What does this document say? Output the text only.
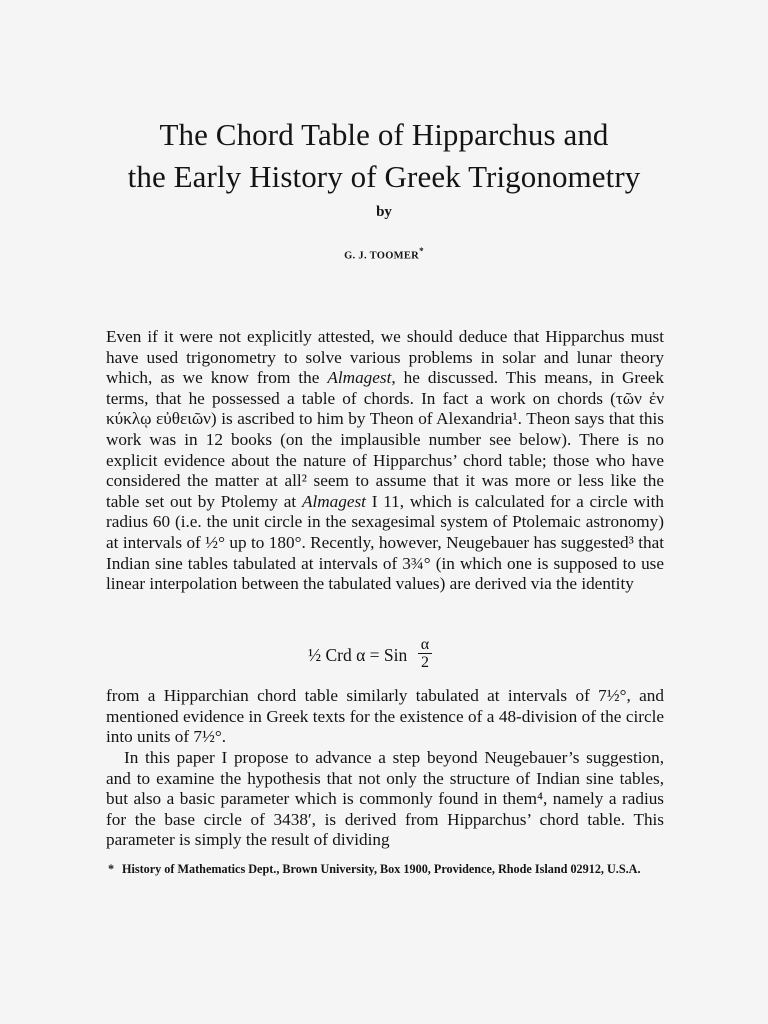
The Chord Table of Hipparchus and
the Early History of Greek Trigonometry
by
G. J. TOOMER*

Even if it were not explicitly attested, we should deduce that Hipparchus must have used trigonometry to solve various problems in solar and lunar theory which, as we know from the Almagest, he discussed. This means, in Greek terms, that he possessed a table of chords. In fact a work on chords (τῶν ἐν κύκλῳ εὐθειῶν) is ascribed to him by Theon of Alexandria¹. Theon says that this work was in 12 books (on the implausible number see below). There is no explicit evidence about the nature of Hipparchus’ chord table; those who have considered the matter at all² seem to assume that it was more or less like the table set out by Ptolemy at Almagest I 11, which is calculated for a circle with radius 60 (i.e. the unit circle in the sexagesimal system of Ptolemaic astronomy) at intervals of ½° up to 180°. Recently, however, Neugebauer has suggested³ that Indian sine tables tabulated at intervals of 3¾° (in which one is supposed to use linear interpolation between the tabulated values) are derived via the identity

½ Crd α = Sin
α
2

from a Hipparchian chord table similarly tabulated at intervals of 7½°, and mentioned evidence in Greek texts for the existence of a 48-division of the circle into units of 7½°.

In this paper I propose to advance a step beyond Neugebauer’s suggestion, and to examine the hypothesis that not only the structure of Indian sine tables, but also a basic parameter which is commonly found in them⁴, namely a radius for the base circle of 3438′, is derived from Hipparchus’ chord table. This parameter is simply the result of dividing

* History of Mathematics Dept., Brown University, Box 1900, Providence, Rhode Island 02912, U.S.A.
